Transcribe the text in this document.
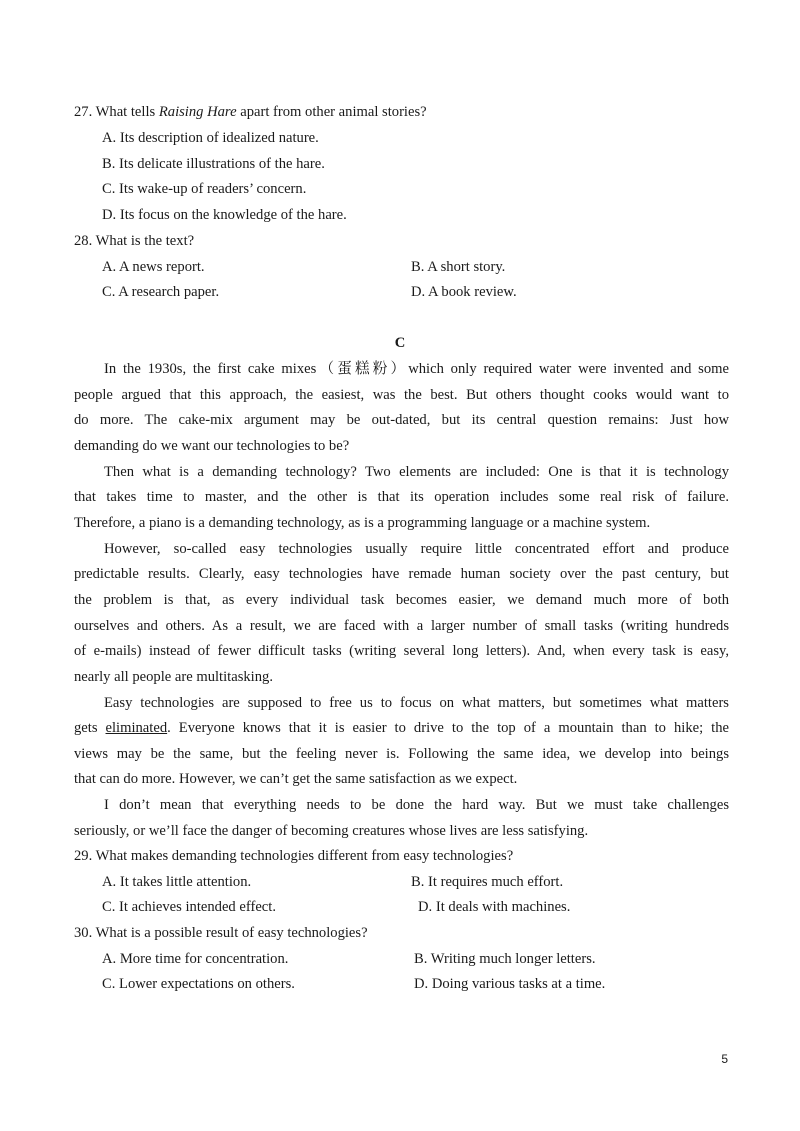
27. What tells Raising Hare apart from other animal stories?
A. Its description of idealized nature.
B. Its delicate illustrations of the hare.
C. Its wake-up of readers’ concern.
D. Its focus on the knowledge of the hare.
28. What is the text?
A. A news report.	B. A short story.
C. A research paper.	D. A book review.
C
In the 1930s, the first cake mixes（蛋糕粉）which only required water were invented and some
people argued that this approach, the easiest, was the best. But others thought cooks would want to
do more. The cake-mix argument may be out-dated, but its central question remains: Just how
demanding do we want our technologies to be?
Then what is a demanding technology? Two elements are included: One is that it is technology
that takes time to master, and the other is that its operation includes some real risk of failure.
Therefore, a piano is a demanding technology, as is a programming language or a machine system.
However, so-called easy technologies usually require little concentrated effort and produce
predictable results. Clearly, easy technologies have remade human society over the past century, but
the problem is that, as every individual task becomes easier, we demand much more of both
ourselves and others. As a result, we are faced with a larger number of small tasks (writing hundreds
of e-mails) instead of fewer difficult tasks (writing several long letters). And, when every task is easy,
nearly all people are multitasking.
Easy technologies are supposed to free us to focus on what matters, but sometimes what matters
gets eliminated. Everyone knows that it is easier to drive to the top of a mountain than to hike; the
views may be the same, but the feeling never is. Following the same idea, we develop into beings
that can do more. However, we can’t get the same satisfaction as we expect.
I don’t mean that everything needs to be done the hard way. But we must take challenges
seriously, or we’ll face the danger of becoming creatures whose lives are less satisfying.
29. What makes demanding technologies different from easy technologies?
A. It takes little attention.	B. It requires much effort.
C. It achieves intended effect.	D. It deals with machines.
30. What is a possible result of easy technologies?
A. More time for concentration.	B. Writing much longer letters.
C. Lower expectations on others.	D. Doing various tasks at a time.
5
